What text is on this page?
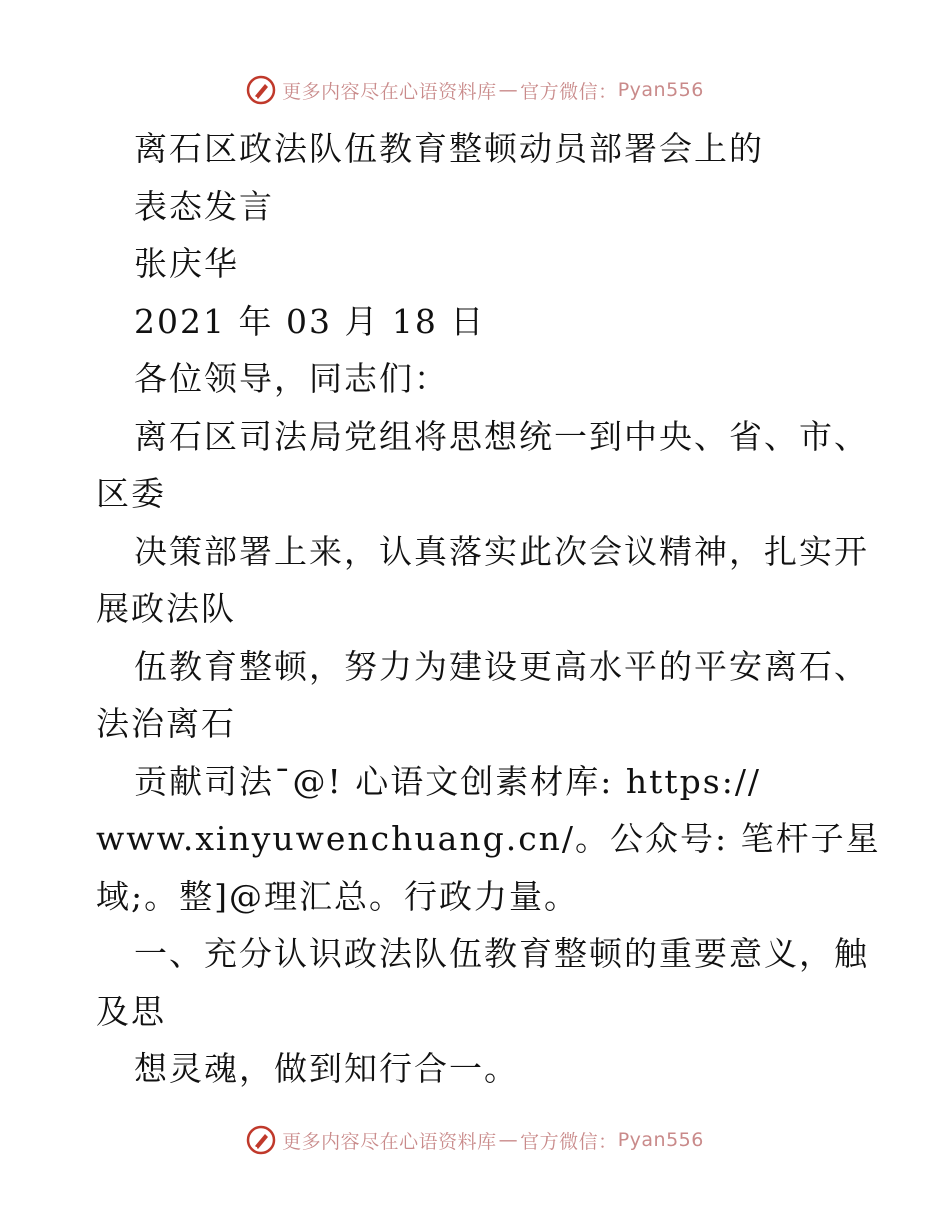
更多内容尽在心语资料库 — 官方微信： Pyan556
离石区政法队伍教育整顿动员部署会上的
表态发言
张庆华
2021 年 03 月 18 日
各位领导，同志们：
离石区司法局党组将思想统一到中央、省、市、
区委
决策部署上来，认真落实此次会议精神，扎实开
展政法队
伍教育整顿，努力为建设更高水平的平安离石、
法治离石
贡献司法¯@! 心语文创素材库: https://
www.xinyuwenchuang.cn/。公众号: 笔杆子星
域;。整]@理汇总。行政力量。
一、充分认识政法队伍教育整顿的重要意义，触
及思
想灵魂，做到知行合一。
更多内容尽在心语资料库 — 官方微信： Pyan556
